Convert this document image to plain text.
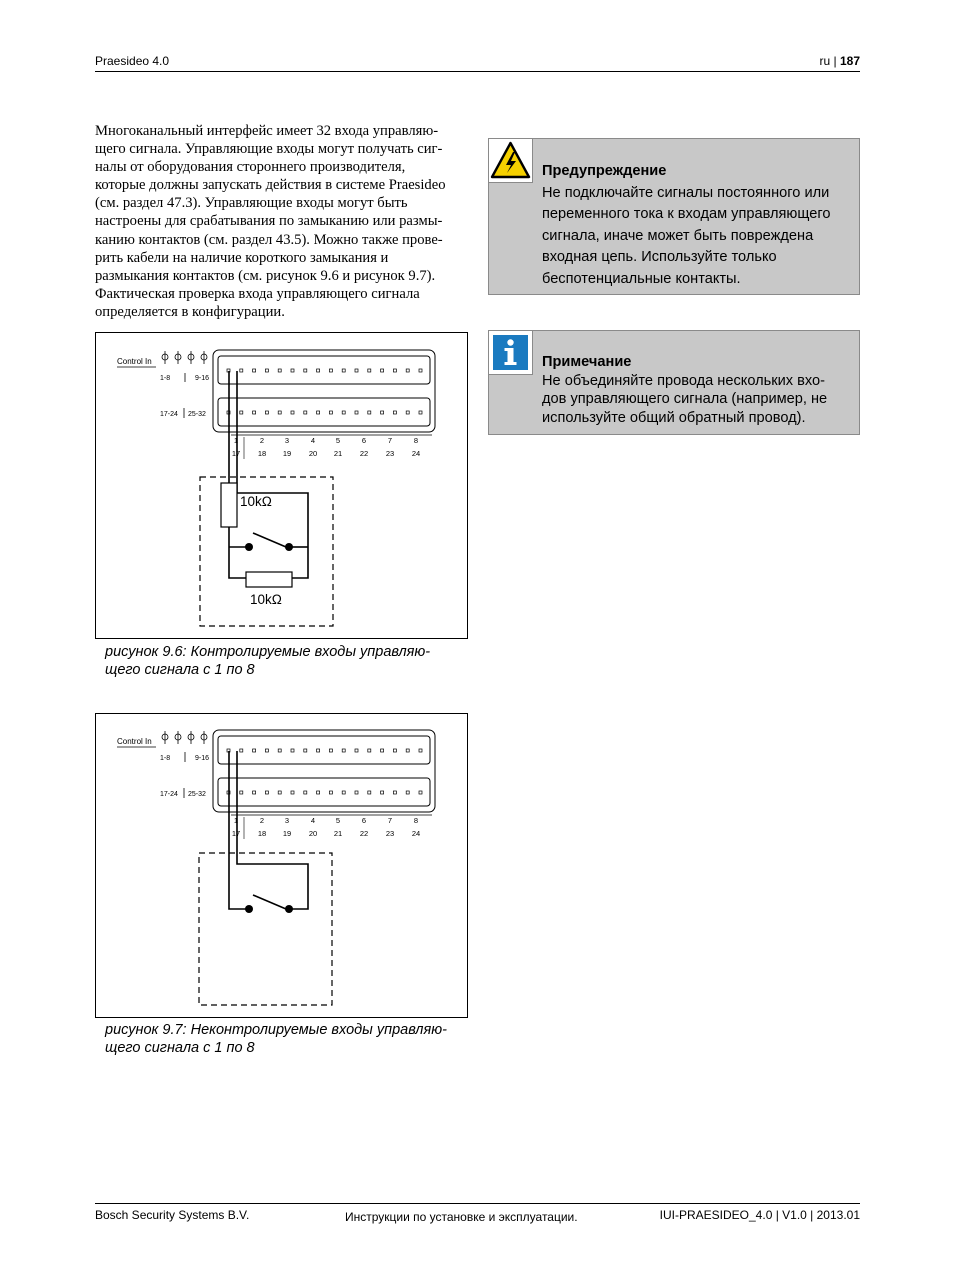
Praesideo 4.0	ru | 187
Многоканальный интерфейс имеет 32 входа управляю-
щего сигнала. Управляющие входы могут получать сиг-
налы от оборудования стороннего производителя,
которые должны запускать действия в системе Praesideo
(см. раздел 47.3). Управляющие входы могут быть
настроены для срабатывания по замыканию или размы-
канию контактов (см. раздел 43.5). Можно также прове-
рить кабели на наличие короткого замыкания и
размыкания контактов (см. рисунок 9.6 и рисунок 9.7).
Фактическая проверка входа управляющего сигнала
определяется в конфигурации.
Control In
1-8	9-16
17-24 25-32
1	2	3	4	5	6	7	8
17 18 19 20 21 22 23 24
10kΩ
10kΩ
рисунок 9.6: Контролируемые входы управляю-
щего сигнала с 1 по 8
Control In
1-8	9-16
17-24 25-32
1	2	3	4	5	6	7	8
17 18 19 20 21 22 23 24
рисунок 9.7: Неконтролируемые входы управляю-
щего сигнала с 1 по 8
Предупреждение
Не подключайте сигналы постоянного или
переменного тока к входам управляющего
сигнала, иначе может быть повреждена
входная цепь. Используйте только
беспотенциальные контакты.
Примечание
Не объединяйте провода нескольких вхо-
дов управляющего сигнала (например, не
используйте общий обратный провод).
Bosch Security Systems B.V.	Инструкции по установке и эксплуатации.	IUI-PRAESIDEO_4.0 | V1.0 | 2013.01
